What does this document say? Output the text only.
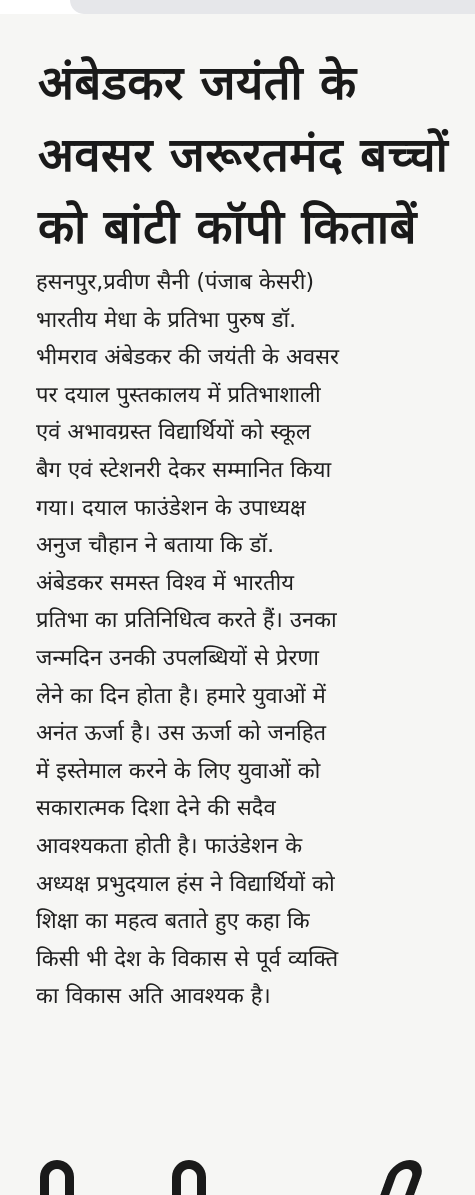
अंबेडकर जयंती के
अवसर जरूरतमंद बच्चों
को बांटी कॉपी किताबें
हसनपुर,प्रवीण सैनी (पंजाब केसरी)
भारतीय मेधा के प्रतिभा पुरुष डॉ.
भीमराव अंबेडकर की जयंती के अवसर
पर दयाल पुस्तकालय में प्रतिभाशाली
एवं अभावग्रस्त विद्यार्थियों को स्कूल
बैग एवं स्टेशनरी देकर सम्मानित किया
गया। दयाल फाउंडेशन के उपाध्यक्ष
अनुज चौहान ने बताया कि डॉ.
अंबेडकर समस्त विश्व में भारतीय
प्रतिभा का प्रतिनिधित्व करते हैं। उनका
जन्मदिन उनकी उपलब्धियों से प्रेरणा
लेने का दिन होता है। हमारे युवाओं में
अनंत ऊर्जा है। उस ऊर्जा को जनहित
में इस्तेमाल करने के लिए युवाओं को
सकारात्मक दिशा देने की सदैव
आवश्यकता होती है। फाउंडेशन के
अध्यक्ष प्रभुदयाल हंस ने विद्यार्थियों को
शिक्षा का महत्व बताते हुए कहा कि
किसी भी देश के विकास से पूर्व व्यक्ति
का विकास अति आवश्यक है।
